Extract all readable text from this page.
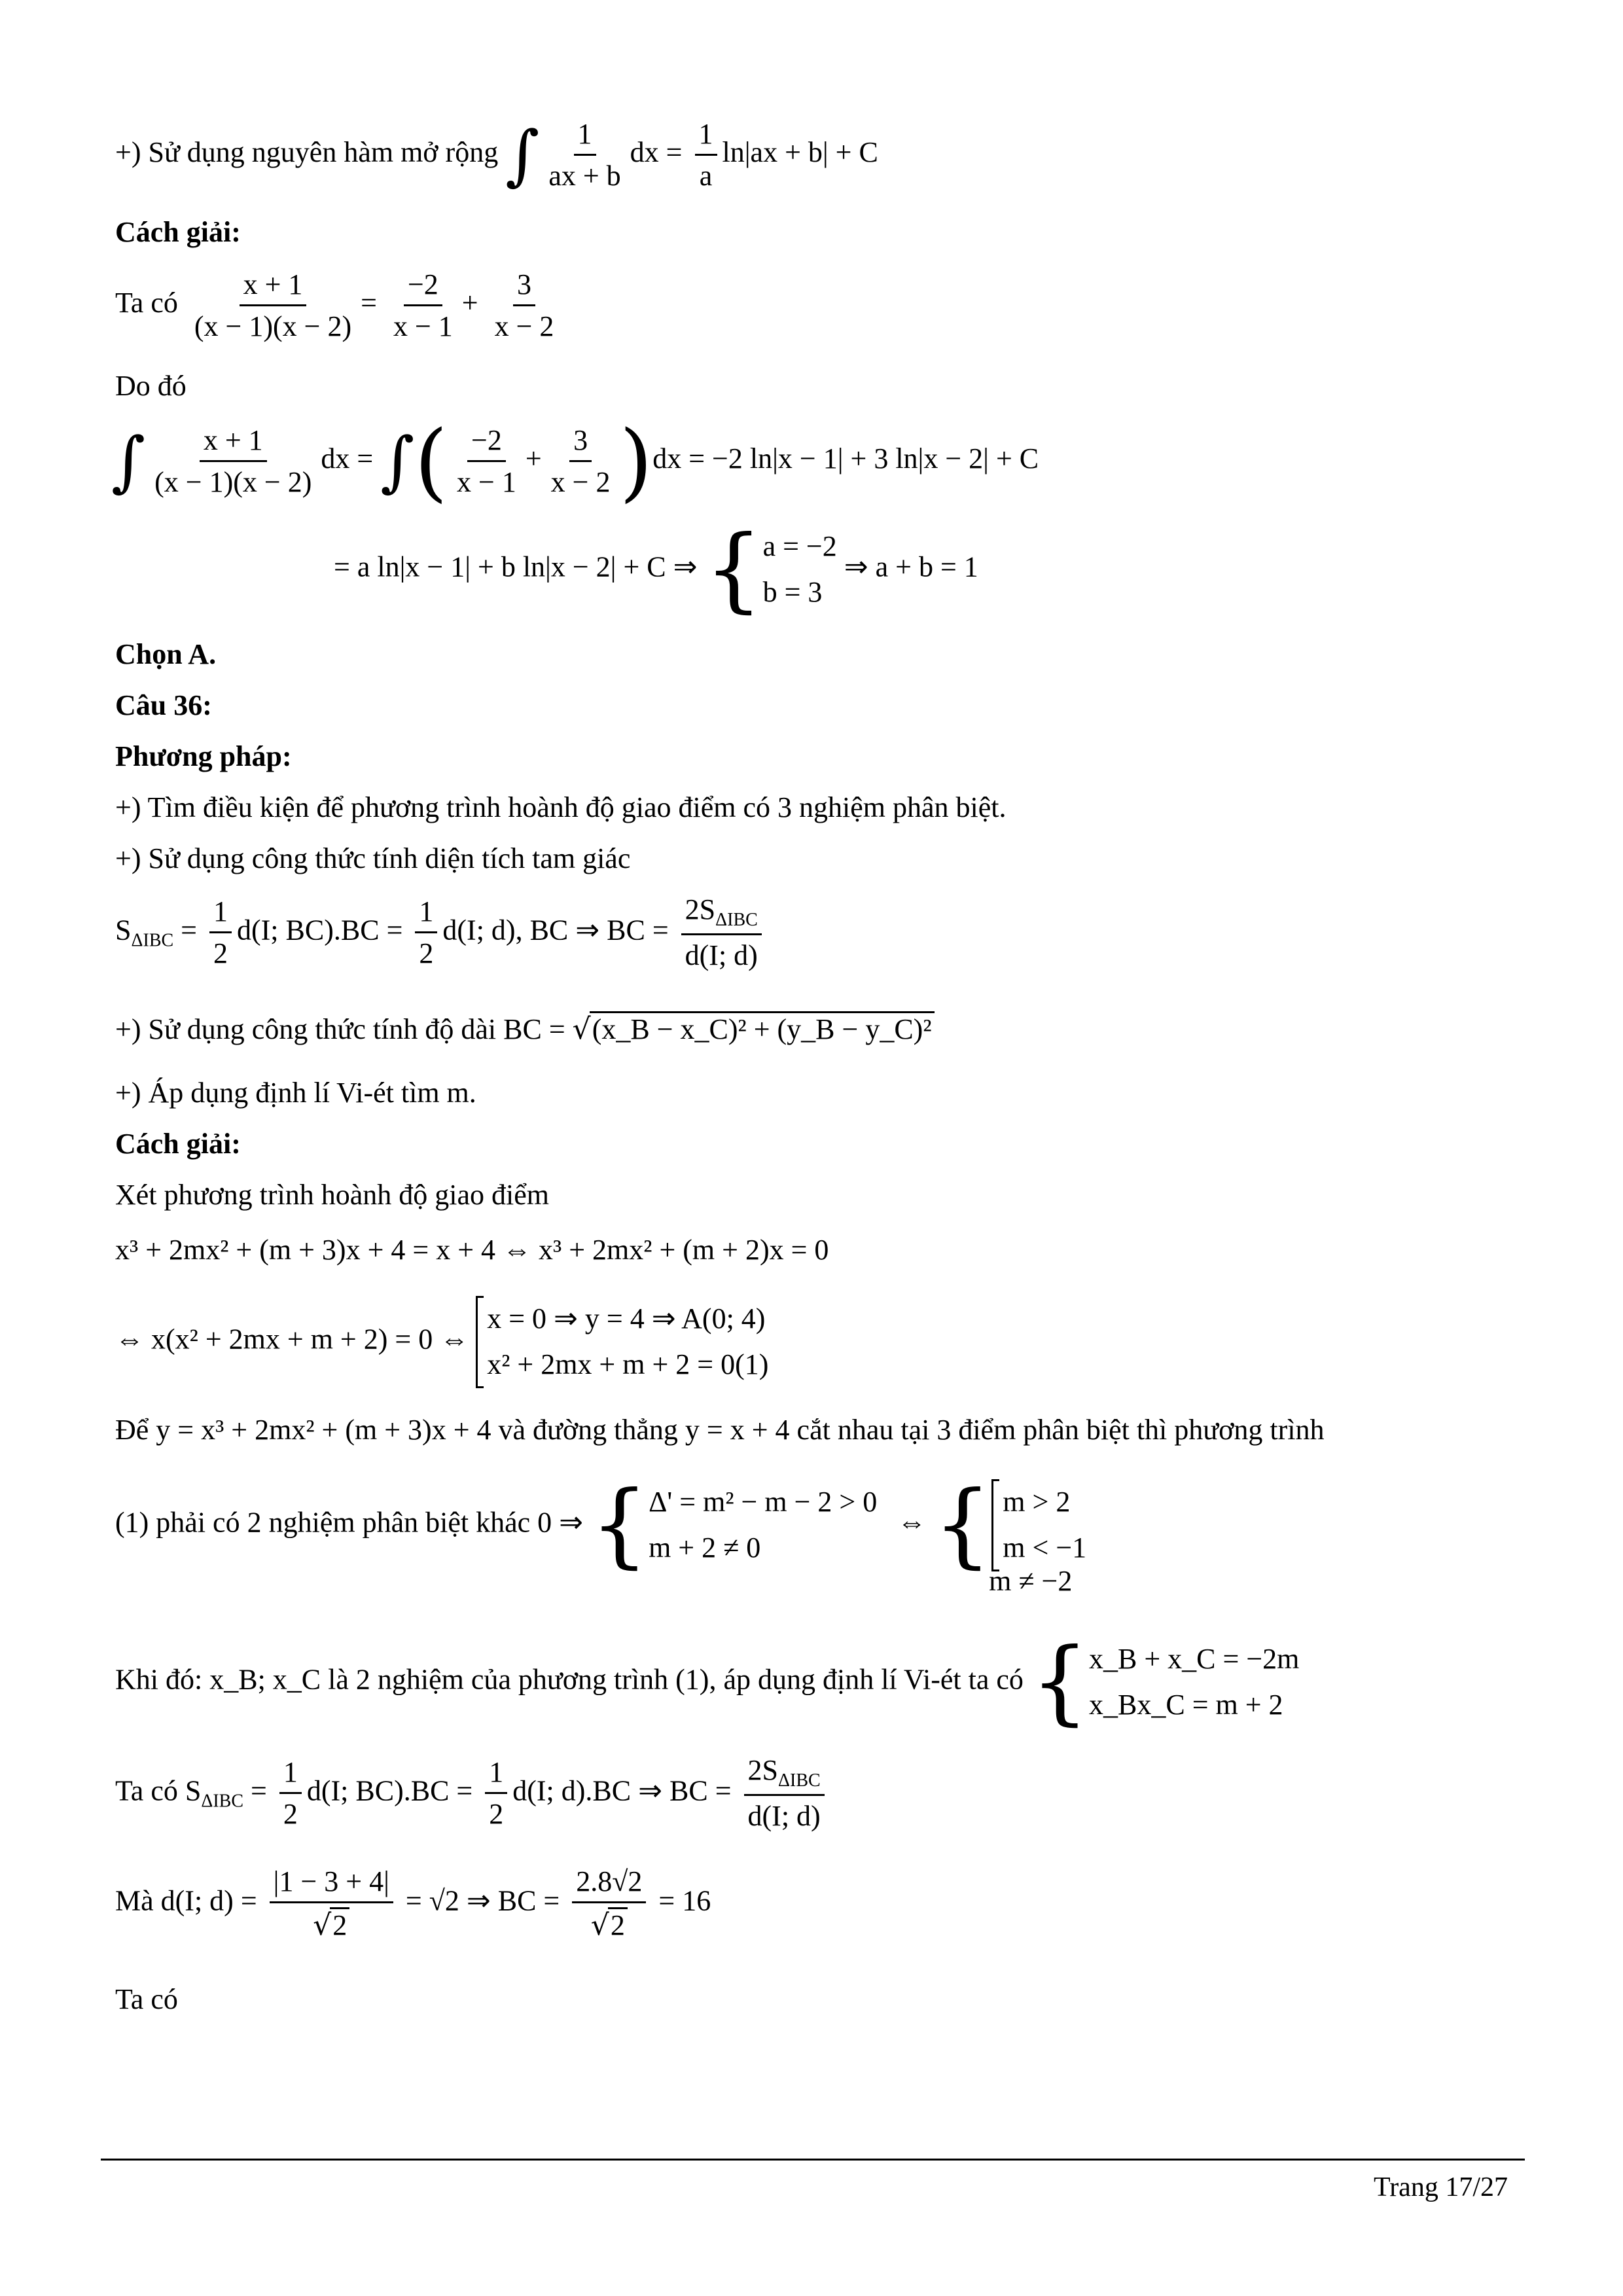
+) Sử dụng nguyên hàm mở rộng ∫ $\frac{1}{ax + b}$ dx = $\frac{1}{a} \ln|ax + b| + C$
Cách giải:
Ta có $\frac{x + 1}{(x - 1)(x - 2)} = \frac{-2}{x - 1} + \frac{3}{x - 2}$
Do đó
∫ $\frac{x + 1}{(x - 1)(x - 2)}$ dx = ∫( $\frac{-2}{x - 1} + \frac{3}{x - 2} )dx = -2$ ln|x − 1| + 3 ln|x − 2| + C
= a ln|x − 1| + b ln|x − 2| + C ⇒ { a = −2
b = 3
⇒ a + b = 1
Chọn A.
Câu 36:
Phương pháp:
+) Tìm điều kiện để phương trình hoành độ giao điểm có 3 nghiệm phân biệt.
+) Sử dụng công thức tính diện tích tam giác
$S_{\Delta IBC} = \frac{1}{2} d(I$; $BC).BC = \frac{1}{2} d(I$; d), BC ⇒ BC = $\frac{2S_{\Delta IBC}}{d(I; d)}$
+) Sử dụng công thức tính độ dài BC = √(x_B − x_C)² + (y_B − y_C)²
+) Áp dụng định lí Vi-ét tìm m.
Cách giải:
Xét phương trình hoành độ giao điểm
x³ + 2mx² + (m + 3)x + 4 = x + 4 ⇔ x³ + 2mx² + (m + 2)x = 0
⇔ x(x² + 2mx + m + 2) = 0 ⇔
x = 0 ⇒ y = 4 ⇒ A(0; 4)
x² + 2mx + m + 2 = 0(1)
Để y = x³ + 2mx² + (m + 3)x + 4 và đường thẳng y = x + 4 cắt nhau tại 3 điểm phân biệt thì phương trình
(1) phải có 2 nghiệm phân biệt khác 0 ⇒ { Δ' = m² − m − 2 > 0
m + 2 ≠ 0
⇔ { m > 2
m < −1
m ≠ −2
Khi đó: x_B; x_C là 2 nghiệm của phương trình (1), áp dụng định lí Vi-ét ta có { x_B + x_C = −2m
x_Bx_C = m + 2
Ta có $S_{\Delta IBC} = \frac{1}{2} d(I$; $BC).BC = \frac{1}{2} d(I$; d).BC ⇒ BC = $\frac{2S_{\Delta IBC}}{d(I; d)}$
Mà d(I; $d) = \frac{|1 - 3 + 4|}{√2} = √2$ ⇒ BC = $\frac{2.8√2}{√2} = 16$
Ta có
Trang 17/27
